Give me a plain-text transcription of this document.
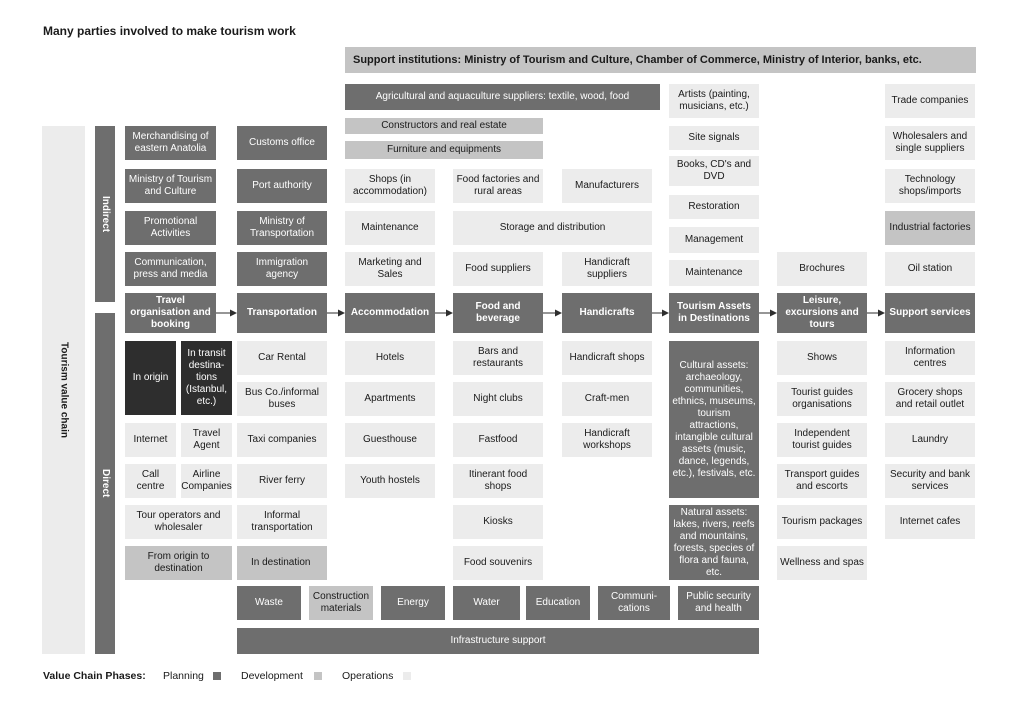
Many parties involved to make tourism work
Support institutions: Ministry of Tourism and Culture, Chamber of Commerce, Ministry of Interior, banks, etc.
Agricultural and aquaculture suppliers: textile, wood, food
Constructors and real estate
Furniture and equipments
Tourism value chain
Indirect
Direct
Merchandising of eastern Anatolia
Ministry of Tourism and Culture
Promotional Activities
Communication, press and media
Customs office
Port authority
Ministry of Transportation
Immigration agency
Shops (in accommodation)
Maintenance
Marketing and Sales
Food factories and rural areas
Manufacturers
Storage and distribution
Food suppliers
Handicraft suppliers
Artists (painting, musicians, etc.)
Site signals
Books, CD's and DVD
Restoration
Management
Maintenance	Brochures
Trade companies
Wholesalers and single suppliers
Technology shops/imports
Industrial factories
Oil station
Travel organisation and booking
Transportation	Accommodation
Food and beverage
Handicrafts
Tourism Assets in Destinations
Leisure, excursions and tours
Support services
In origin
In transit destina-tions (Istanbul, etc.)
Internet
Travel Agent
Call centre
Airline Companies
Tour operators and wholesaler
From origin to destination
Car Rental
Bus Co./informal buses
Taxi companies
River ferry
Informal transportation
In destination
Hotels
Apartments
Guesthouse
Youth hostels
Bars and restaurants
Night clubs
Fastfood
Itinerant food shops
Kiosks
Food souvenirs
Handicraft shops
Craft-men
Handicraft workshops
Cultural assets: archaeology, communities, ethnics, museums, tourism attractions, intangible cultural assets (music, dance, legends, etc.), festivals, etc.
Natural assets: lakes, rivers, reefs and mountains, forests, species of flora and fauna, etc.
Shows
Tourist guides organisations
Independent tourist guides
Transport guides and escorts
Tourism packages
Wellness and spas
Information centres
Grocery shops and retail outlet
Laundry
Security and bank services
Internet cafes
Waste
Construction materials
Energy	Water	Education
Communi-cations
Public security and health
Infrastructure support
Value Chain Phases: Planning	Development	Operations
